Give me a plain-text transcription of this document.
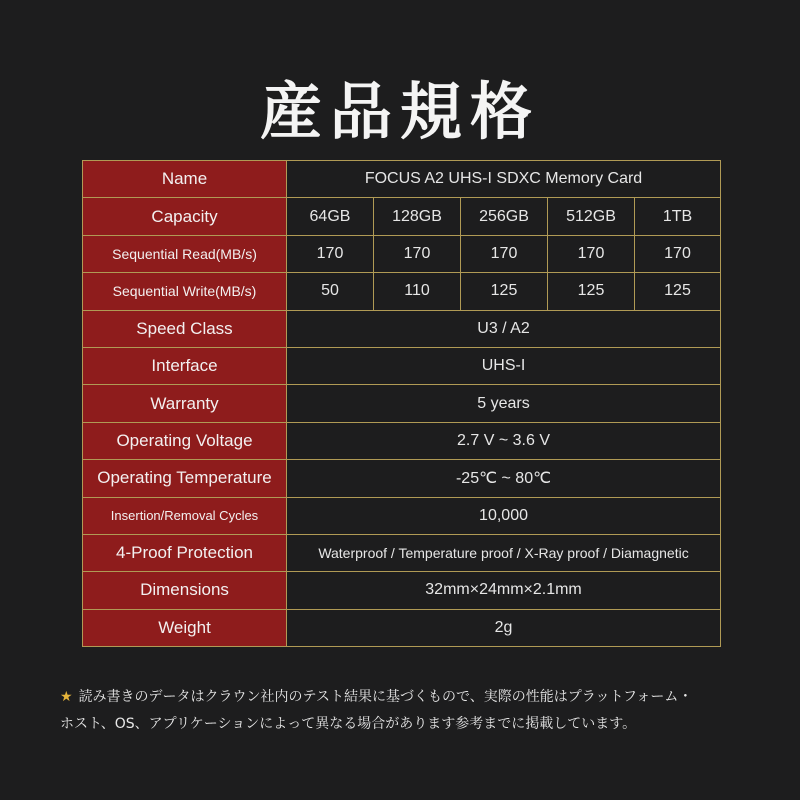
産品規格
Name	FOCUS A2 UHS-I SDXC Memory Card				
Capacity	64GB	128GB	256GB	512GB	1TB
Sequential Read(MB/s)	170	170	170	170	170
Sequential Write(MB/s)	50	110	125	125	125
Speed Class	U3 / A2				
Interface	UHS-I				
Warranty	5 years				
Operating Voltage	2.7 V ~ 3.6 V				
Operating Temperature	-25℃ ~ 80℃				
Insertion/Removal Cycles	10,000				
4-Proof Protection	Waterproof / Temperature proof / X-Ray proof / Diamagnetic				
Dimensions	32mm×24mm×2.1mm				
Weight	2g				
★ 読み書きのデータはクラウン社内のテスト結果に基づくもので、実際の性能はプラットフォーム・
ホスト、OS、アプリケーションによって異なる場合があります参考までに掲載しています。
